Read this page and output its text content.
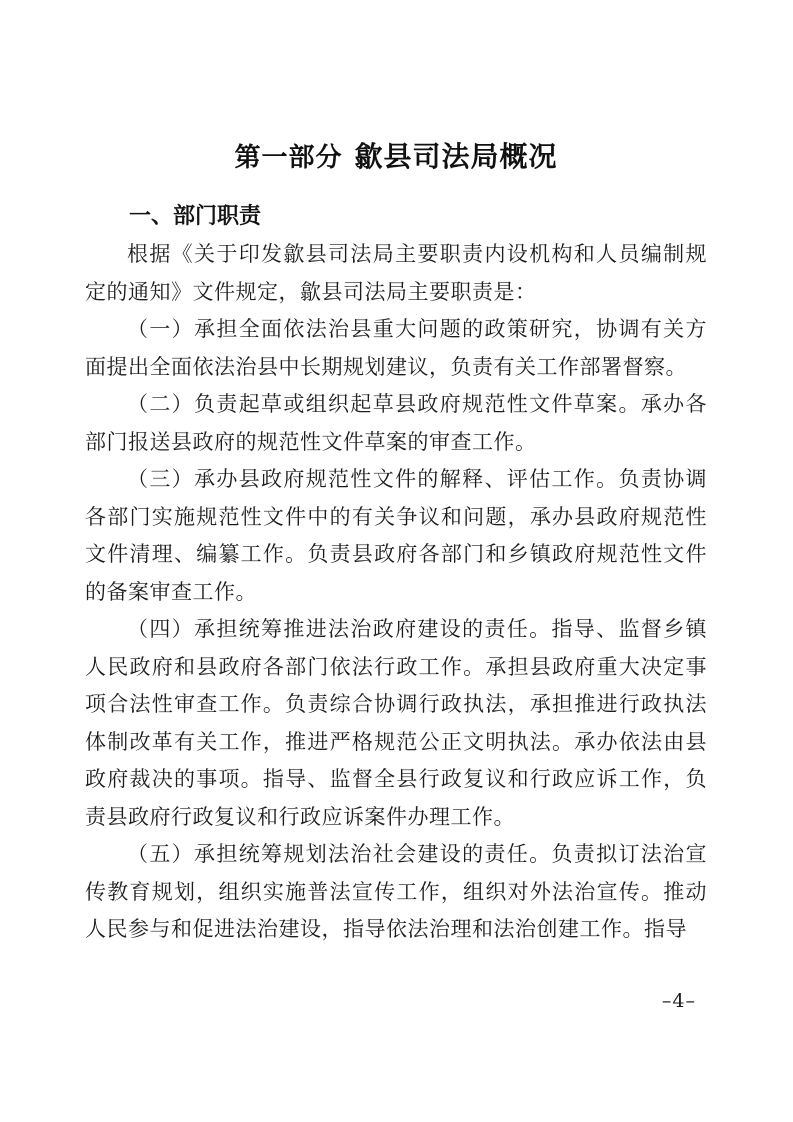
第一部分 歙县司法局概况
一、部门职责

根据《关于印发歙县司法局主要职责内设机构和人员编制规定的通知》文件规定，歙县司法局主要职责是：

（一）承担全面依法治县重大问题的政策研究，协调有关方面提出全面依法治县中长期规划建议，负责有关工作部署督察。

（二）负责起草或组织起草县政府规范性文件草案。承办各部门报送县政府的规范性文件草案的审查工作。

（三）承办县政府规范性文件的解释、评估工作。负责协调各部门实施规范性文件中的有关争议和问题，承办县政府规范性文件清理、编纂工作。负责县政府各部门和乡镇政府规范性文件的备案审查工作。

（四）承担统筹推进法治政府建设的责任。指导、监督乡镇人民政府和县政府各部门依法行政工作。承担县政府重大决定事项合法性审查工作。负责综合协调行政执法，承担推进行政执法体制改革有关工作，推进严格规范公正文明执法。承办依法由县政府裁决的事项。指导、监督全县行政复议和行政应诉工作，负责县政府行政复议和行政应诉案件办理工作。

（五）承担统筹规划法治社会建设的责任。负责拟订法治宣传教育规划，组织实施普法宣传工作，组织对外法治宣传。推动人民参与和促进法治建设，指导依法治理和法治创建工作。指导

–4–
